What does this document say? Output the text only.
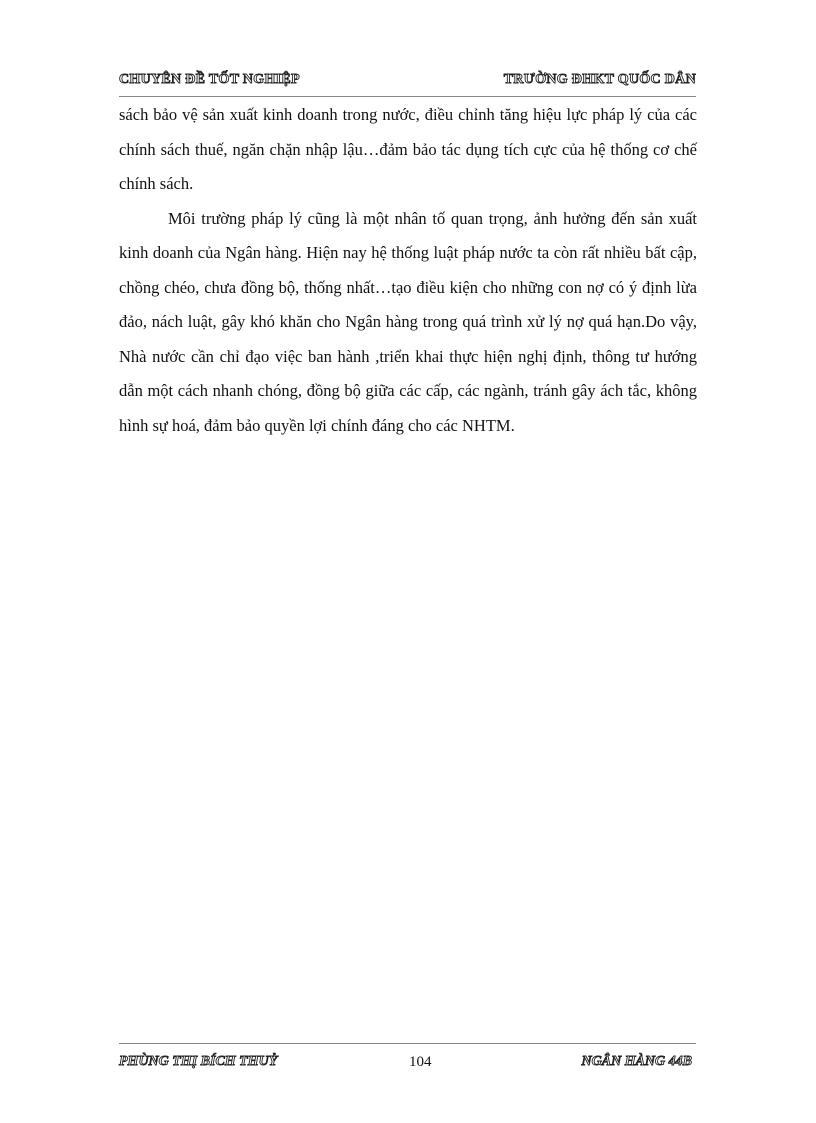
CHUYÊN ĐỀ TỐT NGHIỆP	TRƯỜNG ĐHKT QUỐC DÂN

sách bảo vệ sản xuất kinh doanh trong nước, điều chỉnh tăng hiệu lực pháp lý của các chính sách thuế, ngăn chặn nhập lậu…đảm bảo tác dụng tích cực của hệ thống cơ chế chính sách.

Môi trường pháp lý cũng là một nhân tố quan trọng, ảnh hưởng đến sản xuất kinh doanh của Ngân hàng. Hiện nay hệ thống luật pháp nước ta còn rất nhiều bất cập, chồng chéo, chưa đồng bộ, thống nhất…tạo điều kiện cho những con nợ có ý định lừa đảo, nách luật, gây khó khăn cho Ngân hàng trong quá trình xử lý nợ quá hạn.Do vậy, Nhà nước cần chỉ đạo việc ban hành ,triển khai thực hiện nghị định, thông tư hướng dẫn một cách nhanh chóng, đồng bộ giữa các cấp, các ngành, tránh gây ách tắc, không hình sự hoá, đảm bảo quyền lợi chính đáng cho các NHTM.

PHÙNG THỊ BÍCH THUỶ	104	NGÂN HÀNG 44B
